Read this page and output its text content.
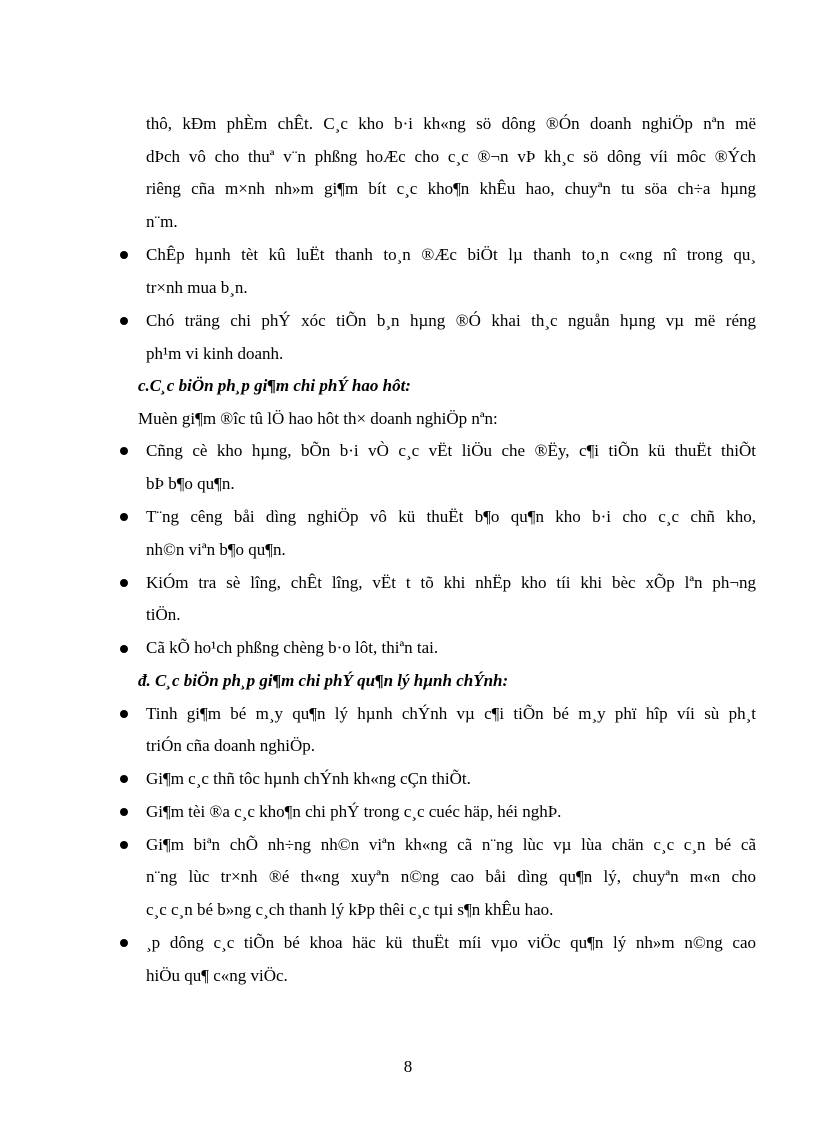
thô, kÐm phÈm chÊt. C¸c kho b·i kh«ng sö dông ®Ón doanh nghiÖp nªn më
dÞch vô cho thuª v¨n phßng hoÆc cho c¸c ®¬n vÞ kh¸c sö dông víi môc ®Ých
riêng cña m×nh nh»m gi¶m bít c¸c kho¶n khÊu hao, chuyªn tu söa ch÷a hµng
n¨m.
ChÊp hµnh tèt kû luËt thanh to¸n ®Æc biÖt lµ thanh to¸n c«ng nî trong qu¸
tr×nh mua b¸n.
Chó träng chi phÝ xóc tiÕn b¸n hµng ®Ó khai th¸c nguån hµng vµ më réng
ph¹m vi kinh doanh.
c.C¸c biÖn ph¸p gi¶m chi phÝ hao hôt:
Muèn gi¶m ®îc tû lÖ hao hôt th× doanh nghiÖp nªn:
Cñng cè kho hµng, bÕn b·i vÒ c¸c vËt liÖu che ®Ëy, c¶i tiÕn kü thuËt thiÕt
bÞ b¶o qu¶n.
T¨ng cêng båi dìng nghiÖp vô kü thuËt b¶o qu¶n kho b·i cho c¸c chñ kho,
nh©n viªn b¶o qu¶n.
KiÓm tra sè lîng, chÊt lîng, vËt t tõ khi nhËp kho tíi khi bèc xÕp lªn ph¬ng
tiÖn.
Cã kÕ ho¹ch phßng chèng b·o lôt, thiªn tai.
đ. C¸c biÖn ph¸p gi¶m chi phÝ qu¶n lý hµnh chÝnh:
Tinh gi¶m bé m¸y qu¶n lý hµnh chÝnh vµ c¶i tiÕn bé m¸y phï hîp víi sù ph¸t
triÓn cña doanh nghiÖp.
Gi¶m c¸c thñ tôc hµnh chÝnh kh«ng cÇn thiÕt.
Gi¶m tèi ®a c¸c kho¶n chi phÝ trong c¸c cuéc häp, héi nghÞ.
Gi¶m biªn chÕ nh÷ng nh©n viªn kh«ng cã n¨ng lùc vµ lùa chän c¸c c¸n bé cã
n¨ng lùc tr×nh ®é th«ng xuyªn n©ng cao båi dìng qu¶n lý, chuyªn m«n cho
c¸c c¸n bé b»ng c¸ch thanh lý kÞp thêi c¸c tµi s¶n khÊu hao.
¸p dông c¸c tiÕn bé khoa häc kü thuËt míi vµo viÖc qu¶n lý nh»m n©ng cao
hiÖu qu¶ c«ng viÖc.
8
